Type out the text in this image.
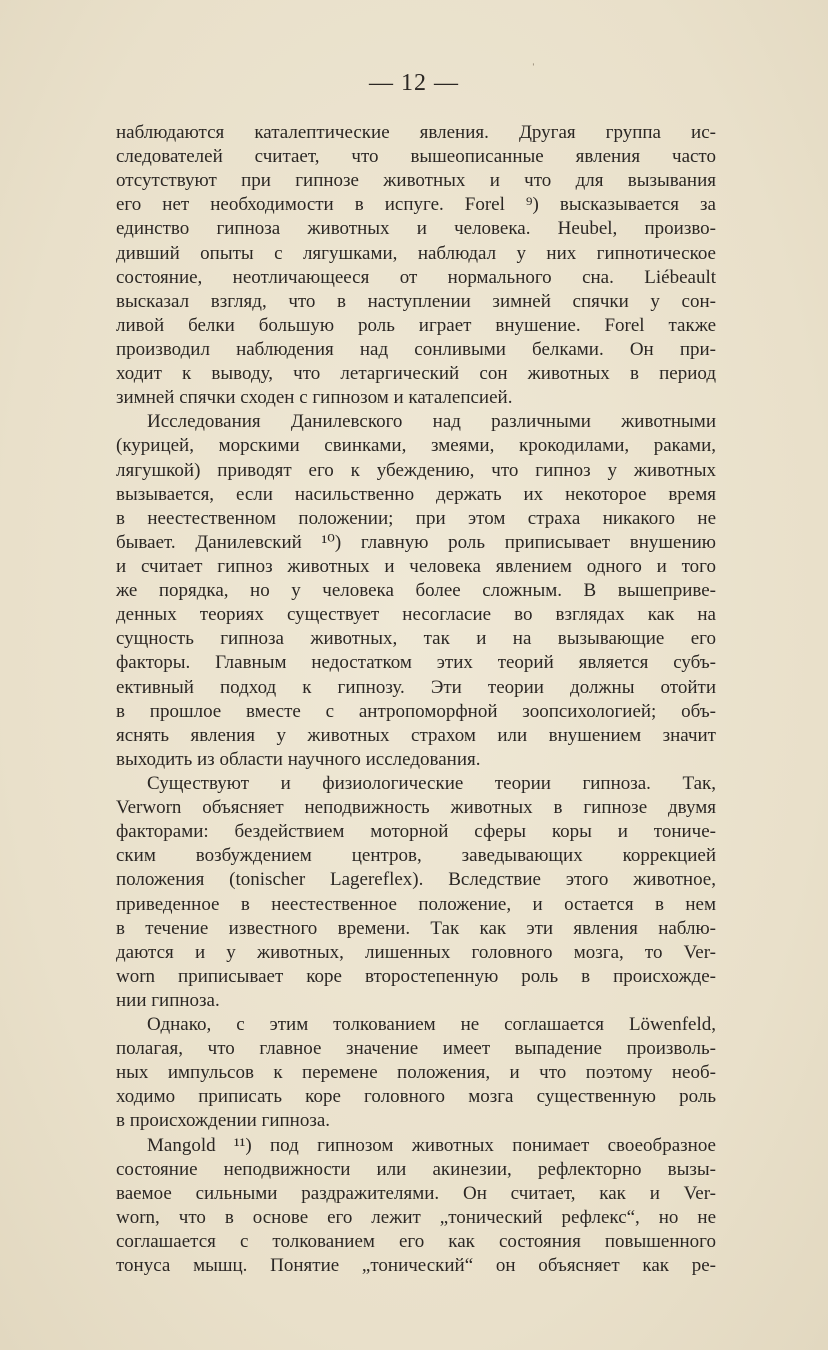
— 12 —
ˈ
наблюдаются каталептические явления. Другая группа ис-
следователей считает, что вышеописанные явления часто
отсутствуют при гипнозе животных и что для вызывания
его нет необходимости в испуге. Forel ⁹) высказывается за
единство гипноза животных и человека. Heubel, произво-
дивший опыты с лягушками, наблюдал у них гипнотическое
состояние, неотличающееся от нормального сна. Liébeault
высказал взгляд, что в наступлении зимней спячки у сон-
ливой белки большую роль играет внушение. Forel также
производил наблюдения над сонливыми белками. Он при-
ходит к выводу, что летаргический сон животных в период
зимней спячки сходен с гипнозом и каталепсией.
Исследования Данилевского над различными животными
(курицей, морскими свинками, змеями, крокодилами, раками,
лягушкой) приводят его к убеждению, что гипноз у животных
вызывается, если насильственно держать их некоторое время
в неестественном положении; при этом страха никакого не
бывает. Данилевский ¹⁰) главную роль приписывает внушению
и считает гипноз животных и человека явлением одного и того
же порядка, но у человека более сложным. В вышеприве-
денных теориях существует несогласие во взглядах как на
сущность гипноза животных, так и на вызывающие его
факторы. Главным недостатком этих теорий является субъ-
ективный подход к гипнозу. Эти теории должны отойти
в прошлое вместе с антропоморфной зоопсихологией; объ-
яснять явления у животных страхом или внушением значит
выходить из области научного исследования.
Существуют и физиологические теории гипноза. Так,
Verworn объясняет неподвижность животных в гипнозе двумя
факторами: бездействием моторной сферы коры и тониче-
ским возбуждением центров, заведывающих коррекцией
положения (tonischer Lagereflex). Вследствие этого животное,
приведенное в неестественное положение, и остается в нем
в течение известного времени. Так как эти явления наблю-
даются и у животных, лишенных головного мозга, то Ver-
worn приписывает коре второстепенную роль в происхожде-
нии гипноза.
Однако, с этим толкованием не соглашается Löwenfeld,
полагая, что главное значение имеет выпадение произволь-
ных импульсов к перемене положения, и что поэтому необ-
ходимо приписать коре головного мозга существенную роль
в происхождении гипноза.
Mangold ¹¹) под гипнозом животных понимает своеобразное
состояние неподвижности или акинезии, рефлекторно вызы-
ваемое сильными раздражителями. Он считает, как и Ver-
worn, что в основе его лежит „тонический рефлекс“, но не
соглашается с толкованием его как состояния повышенного
тонуса мышц. Понятие „тонический“ он объясняет как ре-
